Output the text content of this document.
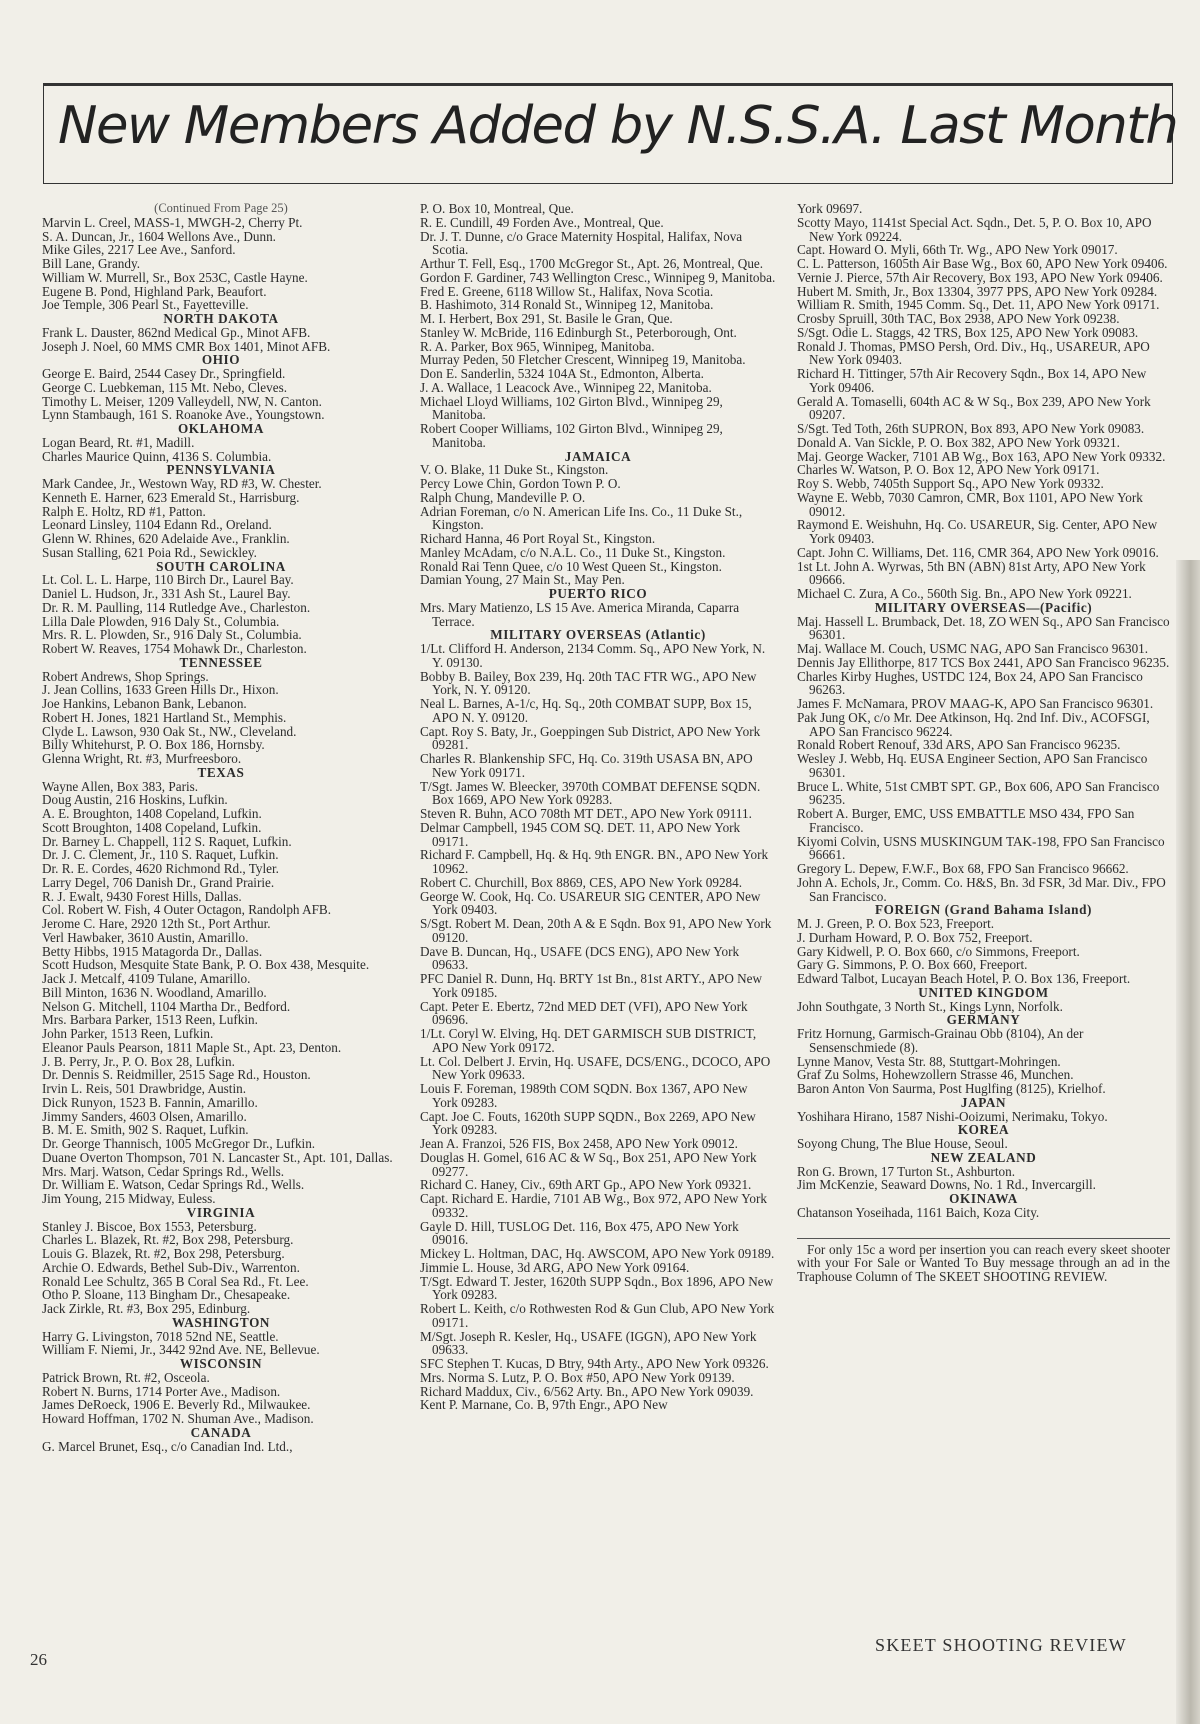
New Members Added by N.S.S.A. Last Month

(Continued From Page 25)

Marvin L. Creel, MASS-1, MWGH-2, Cherry Pt.

S. A. Duncan, Jr., 1604 Wellons Ave., Dunn.

Mike Giles, 2217 Lee Ave., Sanford.

Bill Lane, Grandy.

William W. Murrell, Sr., Box 253C, Castle Hayne.

Eugene B. Pond, Highland Park, Beaufort.

Joe Temple, 306 Pearl St., Fayetteville.

NORTH DAKOTA

Frank L. Dauster, 862nd Medical Gp., Minot AFB.

Joseph J. Noel, 60 MMS CMR Box 1401, Minot AFB.

OHIO

George E. Baird, 2544 Casey Dr., Springfield.

George C. Luebkeman, 115 Mt. Nebo, Cleves.

Timothy L. Meiser, 1209 Valleydell, NW, N. Canton.

Lynn Stambaugh, 161 S. Roanoke Ave., Youngstown.

OKLAHOMA

Logan Beard, Rt. #1, Madill.

Charles Maurice Quinn, 4136 S. Columbia.

PENNSYLVANIA

Mark Candee, Jr., Westown Way, RD #3, W. Chester.

Kenneth E. Harner, 623 Emerald St., Harrisburg.

Ralph E. Holtz, RD #1, Patton.

Leonard Linsley, 1104 Edann Rd., Oreland.

Glenn W. Rhines, 620 Adelaide Ave., Franklin.

Susan Stalling, 621 Poia Rd., Sewickley.

SOUTH CAROLINA

Lt. Col. L. L. Harpe, 110 Birch Dr., Laurel Bay.

Daniel L. Hudson, Jr., 331 Ash St., Laurel Bay.

Dr. R. M. Paulling, 114 Rutledge Ave., Charleston.

Lilla Dale Plowden, 916 Daly St., Columbia.

Mrs. R. L. Plowden, Sr., 916 Daly St., Columbia.

Robert W. Reaves, 1754 Mohawk Dr., Charleston.

TENNESSEE

Robert Andrews, Shop Springs.

J. Jean Collins, 1633 Green Hills Dr., Hixon.

Joe Hankins, Lebanon Bank, Lebanon.

Robert H. Jones, 1821 Hartland St., Memphis.

Clyde L. Lawson, 930 Oak St., NW., Cleveland.

Billy Whitehurst, P. O. Box 186, Hornsby.

Glenna Wright, Rt. #3, Murfreesboro.

TEXAS

Wayne Allen, Box 383, Paris.

Doug Austin, 216 Hoskins, Lufkin.

A. E. Broughton, 1408 Copeland, Lufkin.

Scott Broughton, 1408 Copeland, Lufkin.

Dr. Barney L. Chappell, 112 S. Raquet, Lufkin.

Dr. J. C. Clement, Jr., 110 S. Raquet, Lufkin.

Dr. R. E. Cordes, 4620 Richmond Rd., Tyler.

Larry Degel, 706 Danish Dr., Grand Prairie.

R. J. Ewalt, 9430 Forest Hills, Dallas.

Col. Robert W. Fish, 4 Outer Octagon, Randolph AFB.

Jerome C. Hare, 2920 12th St., Port Arthur.

Verl Hawbaker, 3610 Austin, Amarillo.

Betty Hibbs, 1915 Matagorda Dr., Dallas.

Scott Hudson, Mesquite State Bank, P. O. Box 438, Mesquite.

Jack J. Metcalf, 4109 Tulane, Amarillo.

Bill Minton, 1636 N. Woodland, Amarillo.

Nelson G. Mitchell, 1104 Martha Dr., Bedford.

Mrs. Barbara Parker, 1513 Reen, Lufkin.

John Parker, 1513 Reen, Lufkin.

Eleanor Pauls Pearson, 1811 Maple St., Apt. 23, Denton.

J. B. Perry, Jr., P. O. Box 28, Lufkin.

Dr. Dennis S. Reidmiller, 2515 Sage Rd., Houston.

Irvin L. Reis, 501 Drawbridge, Austin.

Dick Runyon, 1523 B. Fannin, Amarillo.

Jimmy Sanders, 4603 Olsen, Amarillo.

B. M. E. Smith, 902 S. Raquet, Lufkin.

Dr. George Thannisch, 1005 McGregor Dr., Lufkin.

Duane Overton Thompson, 701 N. Lancaster St., Apt. 101, Dallas.

Mrs. Marj. Watson, Cedar Springs Rd., Wells.

Dr. William E. Watson, Cedar Springs Rd., Wells.

Jim Young, 215 Midway, Euless.

VIRGINIA

Stanley J. Biscoe, Box 1553, Petersburg.

Charles L. Blazek, Rt. #2, Box 298, Petersburg.

Louis G. Blazek, Rt. #2, Box 298, Petersburg.

Archie O. Edwards, Bethel Sub-Div., Warrenton.

Ronald Lee Schultz, 365 B Coral Sea Rd., Ft. Lee.

Otho P. Sloane, 113 Bingham Dr., Chesapeake.

Jack Zirkle, Rt. #3, Box 295, Edinburg.

WASHINGTON

Harry G. Livingston, 7018 52nd NE, Seattle.

William F. Niemi, Jr., 3442 92nd Ave. NE, Bellevue.

WISCONSIN

Patrick Brown, Rt. #2, Osceola.

Robert N. Burns, 1714 Porter Ave., Madison.

James DeRoeck, 1906 E. Beverly Rd., Milwaukee.

Howard Hoffman, 1702 N. Shuman Ave., Madison.

CANADA

G. Marcel Brunet, Esq., c/o Canadian Ind. Ltd.,

P. O. Box 10, Montreal, Que.

R. E. Cundill, 49 Forden Ave., Montreal, Que.

Dr. J. T. Dunne, c/o Grace Maternity Hospital, Halifax, Nova Scotia.

Arthur T. Fell, Esq., 1700 McGregor St., Apt. 26, Montreal, Que.

Gordon F. Gardiner, 743 Wellington Cresc., Winnipeg 9, Manitoba.

Fred E. Greene, 6118 Willow St., Halifax, Nova Scotia.

B. Hashimoto, 314 Ronald St., Winnipeg 12, Manitoba.

M. I. Herbert, Box 291, St. Basile le Gran, Que.

Stanley W. McBride, 116 Edinburgh St., Peterborough, Ont.

R. A. Parker, Box 965, Winnipeg, Manitoba.

Murray Peden, 50 Fletcher Crescent, Winnipeg 19, Manitoba.

Don E. Sanderlin, 5324 104A St., Edmonton, Alberta.

J. A. Wallace, 1 Leacock Ave., Winnipeg 22, Manitoba.

Michael Lloyd Williams, 102 Girton Blvd., Winnipeg 29, Manitoba.

Robert Cooper Williams, 102 Girton Blvd., Winnipeg 29, Manitoba.

JAMAICA

V. O. Blake, 11 Duke St., Kingston.

Percy Lowe Chin, Gordon Town P. O.

Ralph Chung, Mandeville P. O.

Adrian Foreman, c/o N. American Life Ins. Co., 11 Duke St., Kingston.

Richard Hanna, 46 Port Royal St., Kingston.

Manley McAdam, c/o N.A.L. Co., 11 Duke St., Kingston.

Ronald Rai Tenn Quee, c/o 10 West Queen St., Kingston.

Damian Young, 27 Main St., May Pen.

PUERTO RICO

Mrs. Mary Matienzo, LS 15 Ave. America Miranda, Caparra Terrace.

MILITARY OVERSEAS (Atlantic)

1/Lt. Clifford H. Anderson, 2134 Comm. Sq., APO New York, N. Y. 09130.

Bobby B. Bailey, Box 239, Hq. 20th TAC FTR WG., APO New York, N. Y. 09120.

Neal L. Barnes, A-1/c, Hq. Sq., 20th COMBAT SUPP, Box 15, APO N. Y. 09120.

Capt. Roy S. Baty, Jr., Goeppingen Sub District, APO New York 09281.

Charles R. Blankenship SFC, Hq. Co. 319th USASA BN, APO New York 09171.

T/Sgt. James W. Bleecker, 3970th COMBAT DEFENSE SQDN. Box 1669, APO New York 09283.

Steven R. Buhn, ACO 708th MT DET., APO New York 09111.

Delmar Campbell, 1945 COM SQ. DET. 11, APO New York 09171.

Richard F. Campbell, Hq. & Hq. 9th ENGR. BN., APO New York 10962.

Robert C. Churchill, Box 8869, CES, APO New York 09284.

George W. Cook, Hq. Co. USAREUR SIG CENTER, APO New York 09403.

S/Sgt. Robert M. Dean, 20th A & E Sqdn. Box 91, APO New York 09120.

Dave B. Duncan, Hq., USAFE (DCS ENG), APO New York 09633.

PFC Daniel R. Dunn, Hq. BRTY 1st Bn., 81st ARTY., APO New York 09185.

Capt. Peter E. Ebertz, 72nd MED DET (VFI), APO New York 09696.

1/Lt. Coryl W. Elving, Hq. DET GARMISCH SUB DISTRICT, APO New York 09172.

Lt. Col. Delbert J. Ervin, Hq. USAFE, DCS/ENG., DCOCO, APO New York 09633.

Louis F. Foreman, 1989th COM SQDN. Box 1367, APO New York 09283.

Capt. Joe C. Fouts, 1620th SUPP SQDN., Box 2269, APO New York 09283.

Jean A. Franzoi, 526 FIS, Box 2458, APO New York 09012.

Douglas H. Gomel, 616 AC & W Sq., Box 251, APO New York 09277.

Richard C. Haney, Civ., 69th ART Gp., APO New York 09321.

Capt. Richard E. Hardie, 7101 AB Wg., Box 972, APO New York 09332.

Gayle D. Hill, TUSLOG Det. 116, Box 475, APO New York 09016.

Mickey L. Holtman, DAC, Hq. AWSCOM, APO New York 09189.

Jimmie L. House, 3d ARG, APO New York 09164.

T/Sgt. Edward T. Jester, 1620th SUPP Sqdn., Box 1896, APO New York 09283.

Robert L. Keith, c/o Rothwesten Rod & Gun Club, APO New York 09171.

M/Sgt. Joseph R. Kesler, Hq., USAFE (IGGN), APO New York 09633.

SFC Stephen T. Kucas, D Btry, 94th Arty., APO New York 09326.

Mrs. Norma S. Lutz, P. O. Box #50, APO New York 09139.

Richard Maddux, Civ., 6/562 Arty. Bn., APO New York 09039.

Kent P. Marnane, Co. B, 97th Engr., APO New

York 09697.

Scotty Mayo, 1141st Special Act. Sqdn., Det. 5, P. O. Box 10, APO New York 09224.

Capt. Howard O. Myli, 66th Tr. Wg., APO New York 09017.

C. L. Patterson, 1605th Air Base Wg., Box 60, APO New York 09406.

Vernie J. Pierce, 57th Air Recovery, Box 193, APO New York 09406.

Hubert M. Smith, Jr., Box 13304, 3977 PPS, APO New York 09284.

William R. Smith, 1945 Comm. Sq., Det. 11, APO New York 09171.

Crosby Spruill, 30th TAC, Box 2938, APO New York 09238.

S/Sgt. Odie L. Staggs, 42 TRS, Box 125, APO New York 09083.

Ronald J. Thomas, PMSO Persh, Ord. Div., Hq., USAREUR, APO New York 09403.

Richard H. Tittinger, 57th Air Recovery Sqdn., Box 14, APO New York 09406.

Gerald A. Tomaselli, 604th AC & W Sq., Box 239, APO New York 09207.

S/Sgt. Ted Toth, 26th SUPRON, Box 893, APO New York 09083.

Donald A. Van Sickle, P. O. Box 382, APO New York 09321.

Maj. George Wacker, 7101 AB Wg., Box 163, APO New York 09332.

Charles W. Watson, P. O. Box 12, APO New York 09171.

Roy S. Webb, 7405th Support Sq., APO New York 09332.

Wayne E. Webb, 7030 Camron, CMR, Box 1101, APO New York 09012.

Raymond E. Weishuhn, Hq. Co. USAREUR, Sig. Center, APO New York 09403.

Capt. John C. Williams, Det. 116, CMR 364, APO New York 09016.

1st Lt. John A. Wyrwas, 5th BN (ABN) 81st Arty, APO New York 09666.

Michael C. Zura, A Co., 560th Sig. Bn., APO New York 09221.

MILITARY OVERSEAS—(Pacific)

Maj. Hassell L. Brumback, Det. 18, ZO WEN Sq., APO San Francisco 96301.

Maj. Wallace M. Couch, USMC NAG, APO San Francisco 96301.

Dennis Jay Ellithorpe, 817 TCS Box 2441, APO San Francisco 96235.

Charles Kirby Hughes, USTDC 124, Box 24, APO San Francisco 96263.

James F. McNamara, PROV MAAG-K, APO San Francisco 96301.

Pak Jung OK, c/o Mr. Dee Atkinson, Hq. 2nd Inf. Div., ACOFSGI, APO San Francisco 96224.

Ronald Robert Renouf, 33d ARS, APO San Francisco 96235.

Wesley J. Webb, Hq. EUSA Engineer Section, APO San Francisco 96301.

Bruce L. White, 51st CMBT SPT. GP., Box 606, APO San Francisco 96235.

Robert A. Burger, EMC, USS EMBATTLE MSO 434, FPO San Francisco.

Kiyomi Colvin, USNS MUSKINGUM TAK-198, FPO San Francisco 96661.

Gregory L. Depew, F.W.F., Box 68, FPO San Francisco 96662.

John A. Echols, Jr., Comm. Co. H&S, Bn. 3d FSR, 3d Mar. Div., FPO San Francisco.

FOREIGN (Grand Bahama Island)

M. J. Green, P. O. Box 523, Freeport.

J. Durham Howard, P. O. Box 752, Freeport.

Gary Kidwell, P. O. Box 660, c/o Simmons, Freeport.

Gary G. Simmons, P. O. Box 660, Freeport.

Edward Talbot, Lucayan Beach Hotel, P. O. Box 136, Freeport.

UNITED KINGDOM

John Southgate, 3 North St., Kings Lynn, Norfolk.

GERMANY

Fritz Hornung, Garmisch-Grainau Obb (8104), An der Sensenschmiede (8).

Lynne Manov, Vesta Str. 88, Stuttgart-Mohringen.

Graf Zu Solms, Hohewzollern Strasse 46, Munchen.

Baron Anton Von Saurma, Post Huglfing (8125), Krielhof.

JAPAN

Yoshihara Hirano, 1587 Nishi-Ooizumi, Nerimaku, Tokyo.

KOREA

Soyong Chung, The Blue House, Seoul.

NEW ZEALAND

Ron G. Brown, 17 Turton St., Ashburton.

Jim McKenzie, Seaward Downs, No. 1 Rd., Invercargill.

OKINAWA

Chatanson Yoseihada, 1161 Baich, Koza City.

For only 15c a word per insertion you can reach every skeet shooter with your For Sale or Wanted To Buy message through an ad in the Traphouse Column of The SKEET SHOOTING REVIEW.

26
SKEET SHOOTING REVIEW
